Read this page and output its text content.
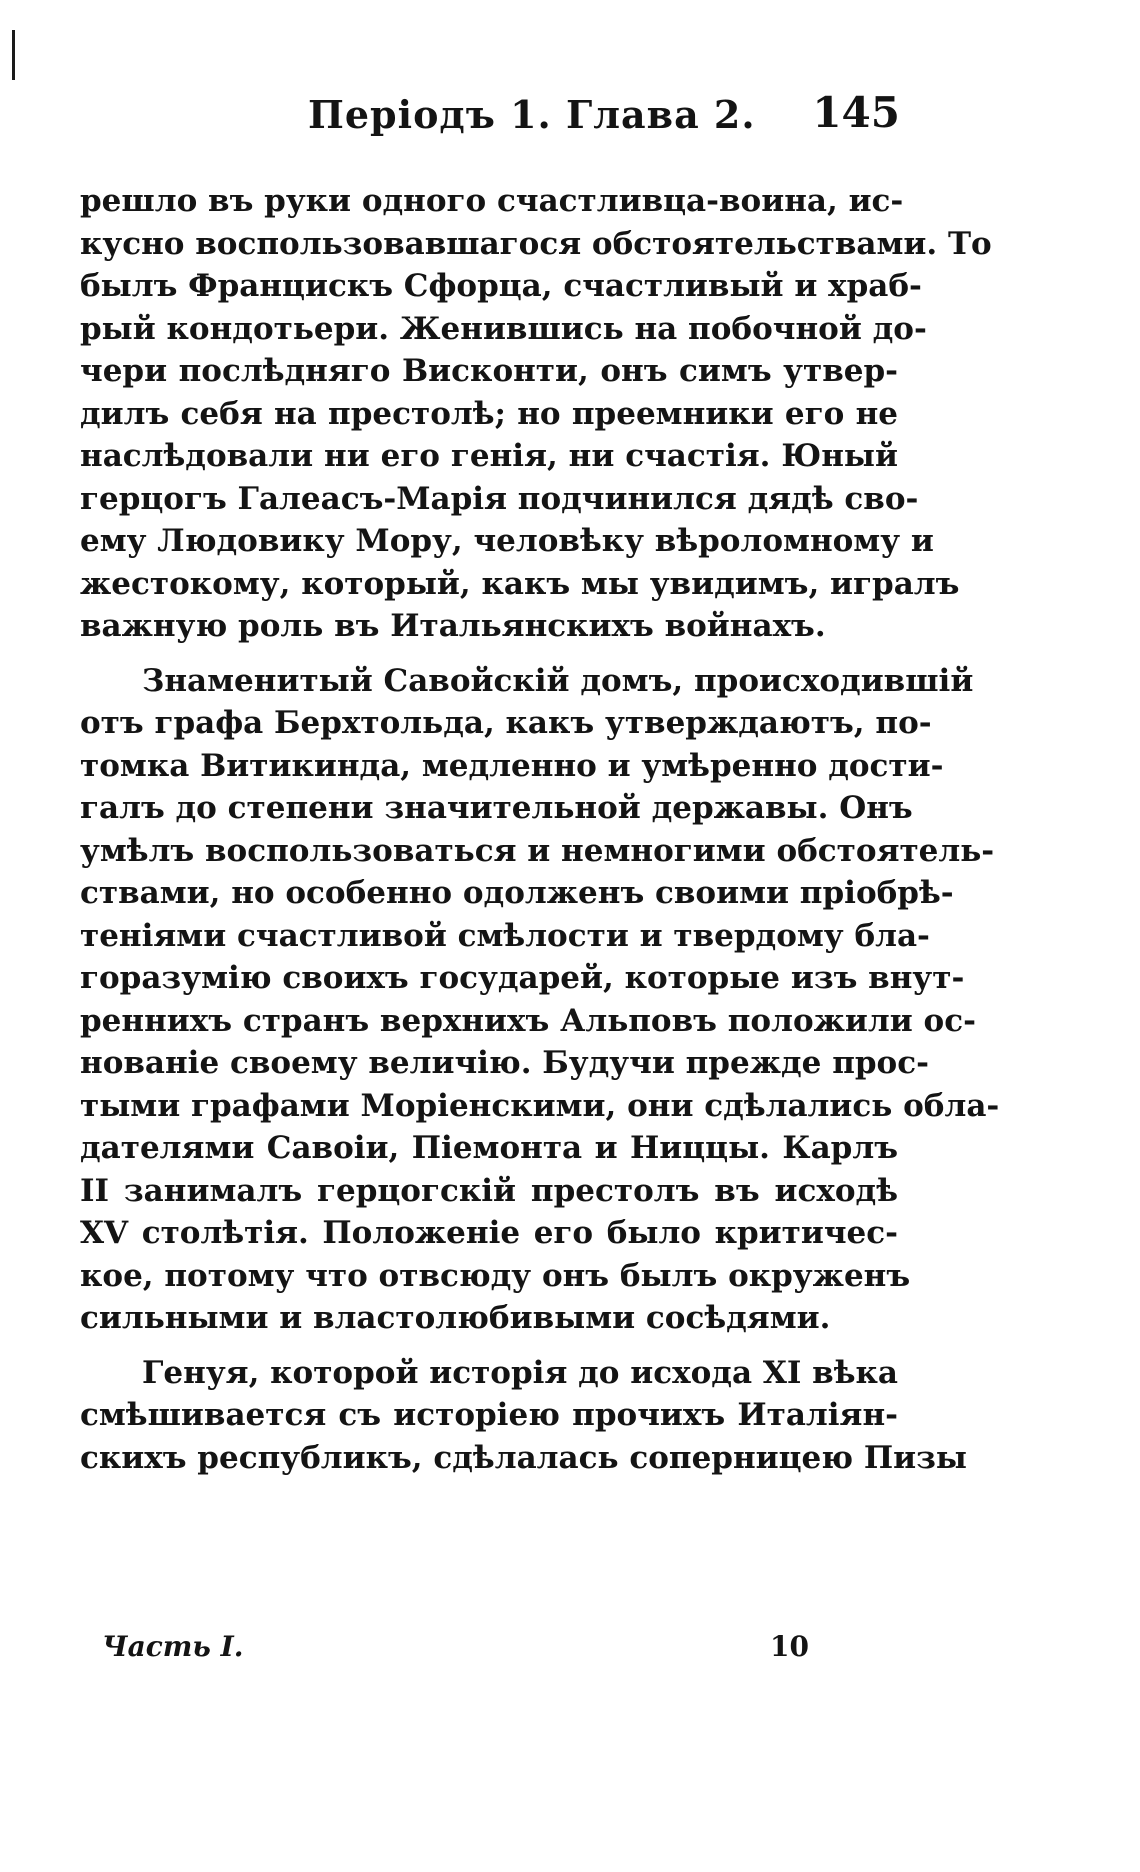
Періодъ 1. Глава 2. 145
решло въ руки одного счастливца-воина, ис-
кусно воспользовавшагося обстоятельствами. То
былъ Францискъ Сфорца, счастливый и храб-
рый кондотьери. Женившись на побочной до-
чери послѣдняго Висконти, онъ симъ утвер-
дилъ себя на престолѣ; но преемники его не
наслѣдовали ни его генія, ни счастія. Юный
герцогъ Галеасъ-Марія подчинился дядѣ сво-
ему Людовику Мору, человѣку вѣроломному и
жестокому, который, какъ мы увидимъ, игралъ
важную роль въ Итальянскихъ войнахъ.
Знаменитый Савойскій домъ, происходившій
отъ графа Берхтольда, какъ утверждаютъ, по-
томка Витикинда, медленно и умѣренно дости-
галъ до степени значительной державы. Онъ
умѣлъ воспользоваться и немногими обстоятель-
ствами, но особенно одолженъ своими пріобрѣ-
теніями счастливой смѣлости и твердому бла-
горазумію своихъ государей, которые изъ внут-
реннихъ странъ верхнихъ Альповъ положили ос-
нованіе своему величію. Будучи прежде прос-
тыми графами Моріенскими, они сдѣлались обла-
дателями Савоіи, Піемонта и Ниццы. Карлъ
II занималъ герцогскій престолъ въ исходѣ
XV столѣтія. Положеніе его было критичес-
кое, потому что отвсюду онъ былъ окруженъ
сильными и властолюбивыми сосѣдями.
Генуя, которой исторія до исхода XI вѣка
смѣшивается съ исторіею прочихъ Италіян-
скихъ республикъ, сдѣлалась соперницею Пизы
Часть I.	10
